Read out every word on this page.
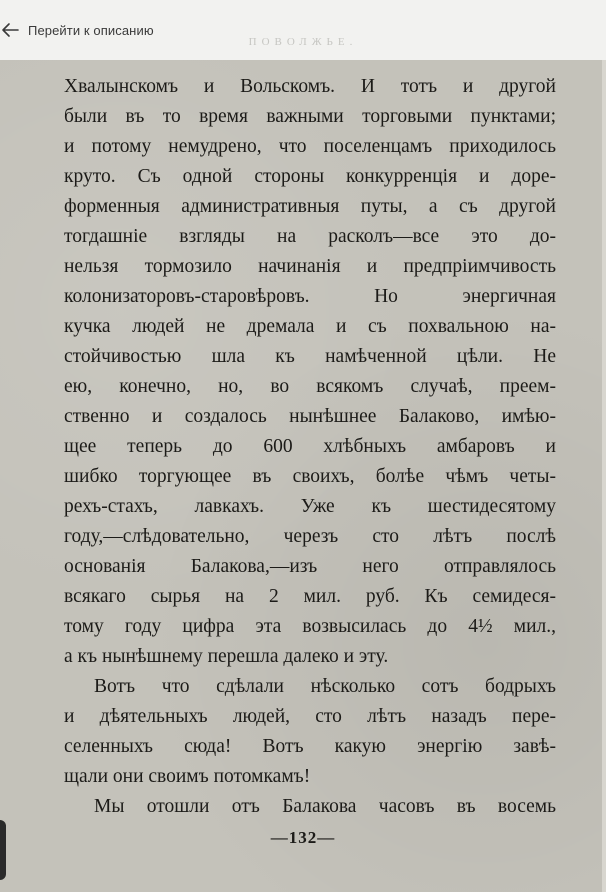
Перейти к описанию
ПОВОЛЖЬЕ.
Хвалынскомъ и Вольскомъ. И тотъ и другой
были въ то время важными торговыми пунктами;
и потому немудрено, что поселенцамъ приходилось
круто. Съ одной стороны конкурренція и доре-
форменныя административныя путы, а съ другой
тогдашніе взгляды на расколъ—все это до-
нельзя тормозило начинанія и предпріимчивость
колонизаторовъ-старовѣровъ. Но энергичная
кучка людей не дремала и съ похвальною на-
стойчивостью шла къ намѣченной цѣли. Не
ею, конечно, но, во всякомъ случаѣ, преем-
ственно и создалось нынѣшнее Балаково, имѣю-
щее теперь до 600 хлѣбныхъ амбаровъ и
шибко торгующее въ своихъ, болѣе чѣмъ четы-
рехъ-стахъ, лавкахъ. Уже къ шестидесятому
году,—слѣдовательно, черезъ сто лѣтъ послѣ
основанія Балакова,—изъ него отправлялось
всякаго сырья на 2 мил. руб. Къ семидеся-
тому году цифра эта возвысилась до 4½ мил.,
а къ нынѣшнему перешла далеко и эту.
Вотъ что сдѣлали нѣсколько сотъ бодрыхъ
и дѣятельныхъ людей, сто лѣтъ назадъ пере-
селенныхъ сюда! Вотъ какую энергію завѣ-
щали они своимъ потомкамъ!
Мы отошли отъ Балакова часовъ въ восемь
—132—
